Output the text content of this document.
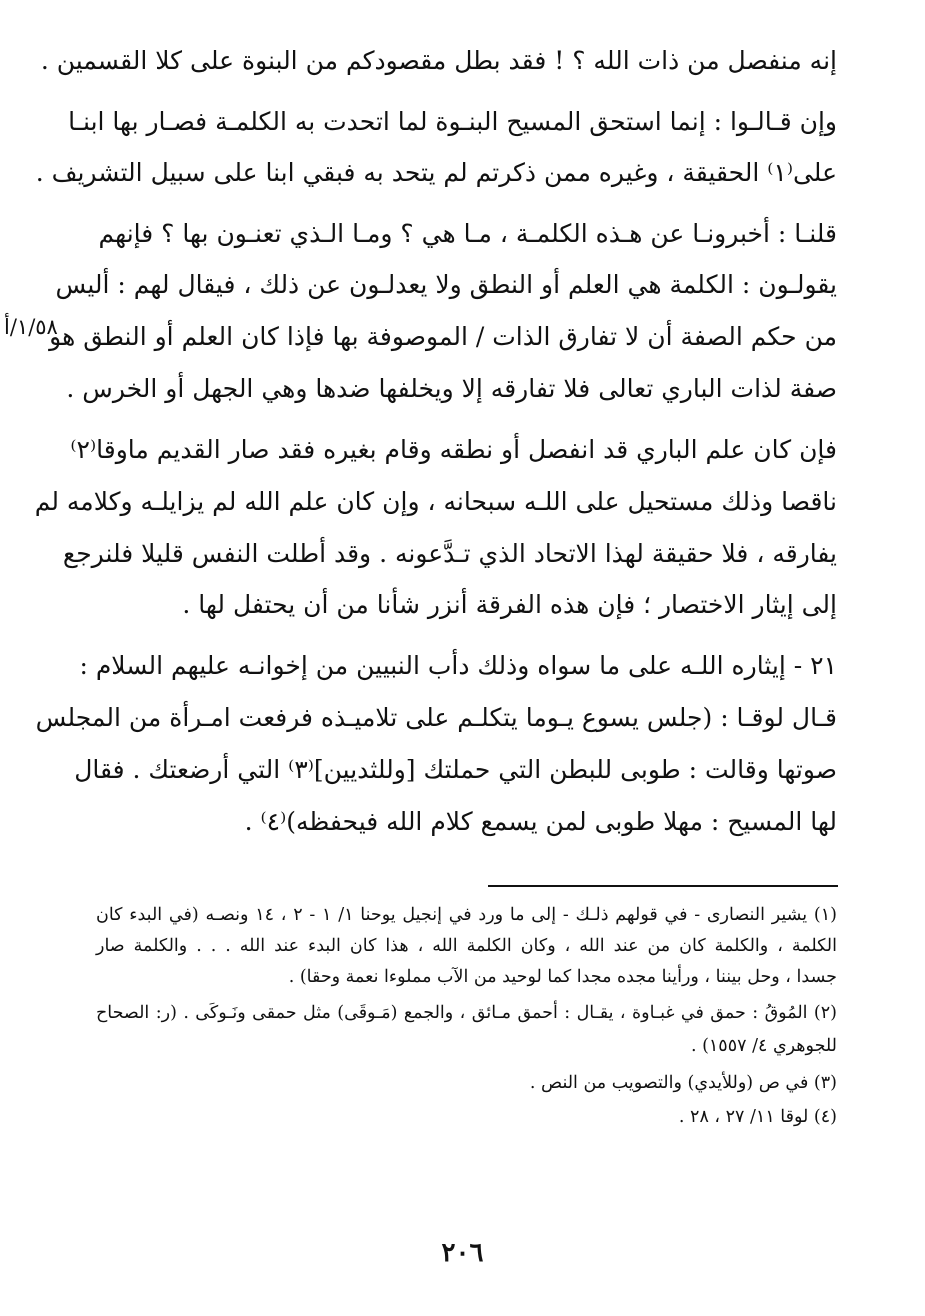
إنه منفصل من ذات الله ؟ ! فقد بطل مقصودكم من البنوة على كلا القسمين .
وإن قـالـوا : إنما استحق المسيح البنـوة لما اتحدت به الكلمـة فصـار بها ابنـا
على⁽١⁾ الحقيقة ، وغيره ممن ذكرتم لم يتحد به فبقي ابنا على سبيل التشريف .
قلنـا : أخبرونـا عن هـذه الكلمـة ، مـا هي ؟ ومـا الـذي تعنـون بها ؟ فإنهم
يقولـون : الكلمة هي العلم أو النطق ولا يعدلـون عن ذلك ، فيقال لهم : أليس
من حكم الصفة أن لا تفارق الذات / الموصوفة بها فإذا كان العلم أو النطق هو
صفة لذات الباري تعالى فلا تفارقه إلا ويخلفها ضدها وهي الجهل أو الخرس .
١/٥٨/أ
فإن كان علم الباري قد انفصل أو نطقه وقام بغيره فقد صار القديم ماوقا⁽٢⁾
ناقصا وذلك مستحيل على اللـه سبحانه ، وإن كان علم الله لم يزايلـه وكلامه لم
يفارقه ، فلا حقيقة لهذا الاتحاد الذي تـدَّعونه . وقد أطلت النفس قليلا فلنرجع
إلى إيثار الاختصار ؛ فإن هذه الفرقة أنزر شأنا من أن يحتفل لها .
٢١ - إيثاره اللـه على ما سواه وذلك دأب النبيين من إخوانـه عليهم السلام :
قـال لوقـا : (جلس يسوع يـوما يتكلـم على تلاميـذه فرفعت امـرأة من المجلس
صوتها وقالت : طوبى للبطن التي حملتك [وللثديين]⁽٣⁾ التي أرضعتك . فقال
لها المسيح : مهلا طوبى لمن يسمع كلام الله فيحفظه)⁽٤⁾ .
(١) يشير النصارى - في قولهم ذلـك - إلى ما ورد في إنجيل يوحنا ١/ ١ - ٢ ، ١٤ ونصـه (في البدء كان
الكلمة ، والكلمة كان من عند الله ، وكان الكلمة الله ، هذا كان البدء عند الله . . . والكلمة صار
جسدا ، وحل بيننا ، ورأينا مجده مجدا كما لوحيد من الآب مملوءا نعمة وحقا) .
(٢) المُوقُ : حمق في غبـاوة ، يقـال : أحمق مـائق ، والجمع (مَـوقَى) مثل حمقى ونَـوكَى . (ر: الصحاح
للجوهري ٤/ ١٥٥٧) .
(٣) في ص (وللأيدي) والتصويب من النص .
(٤) لوقا ١١/ ٢٧ ، ٢٨ .
٢٠٦
